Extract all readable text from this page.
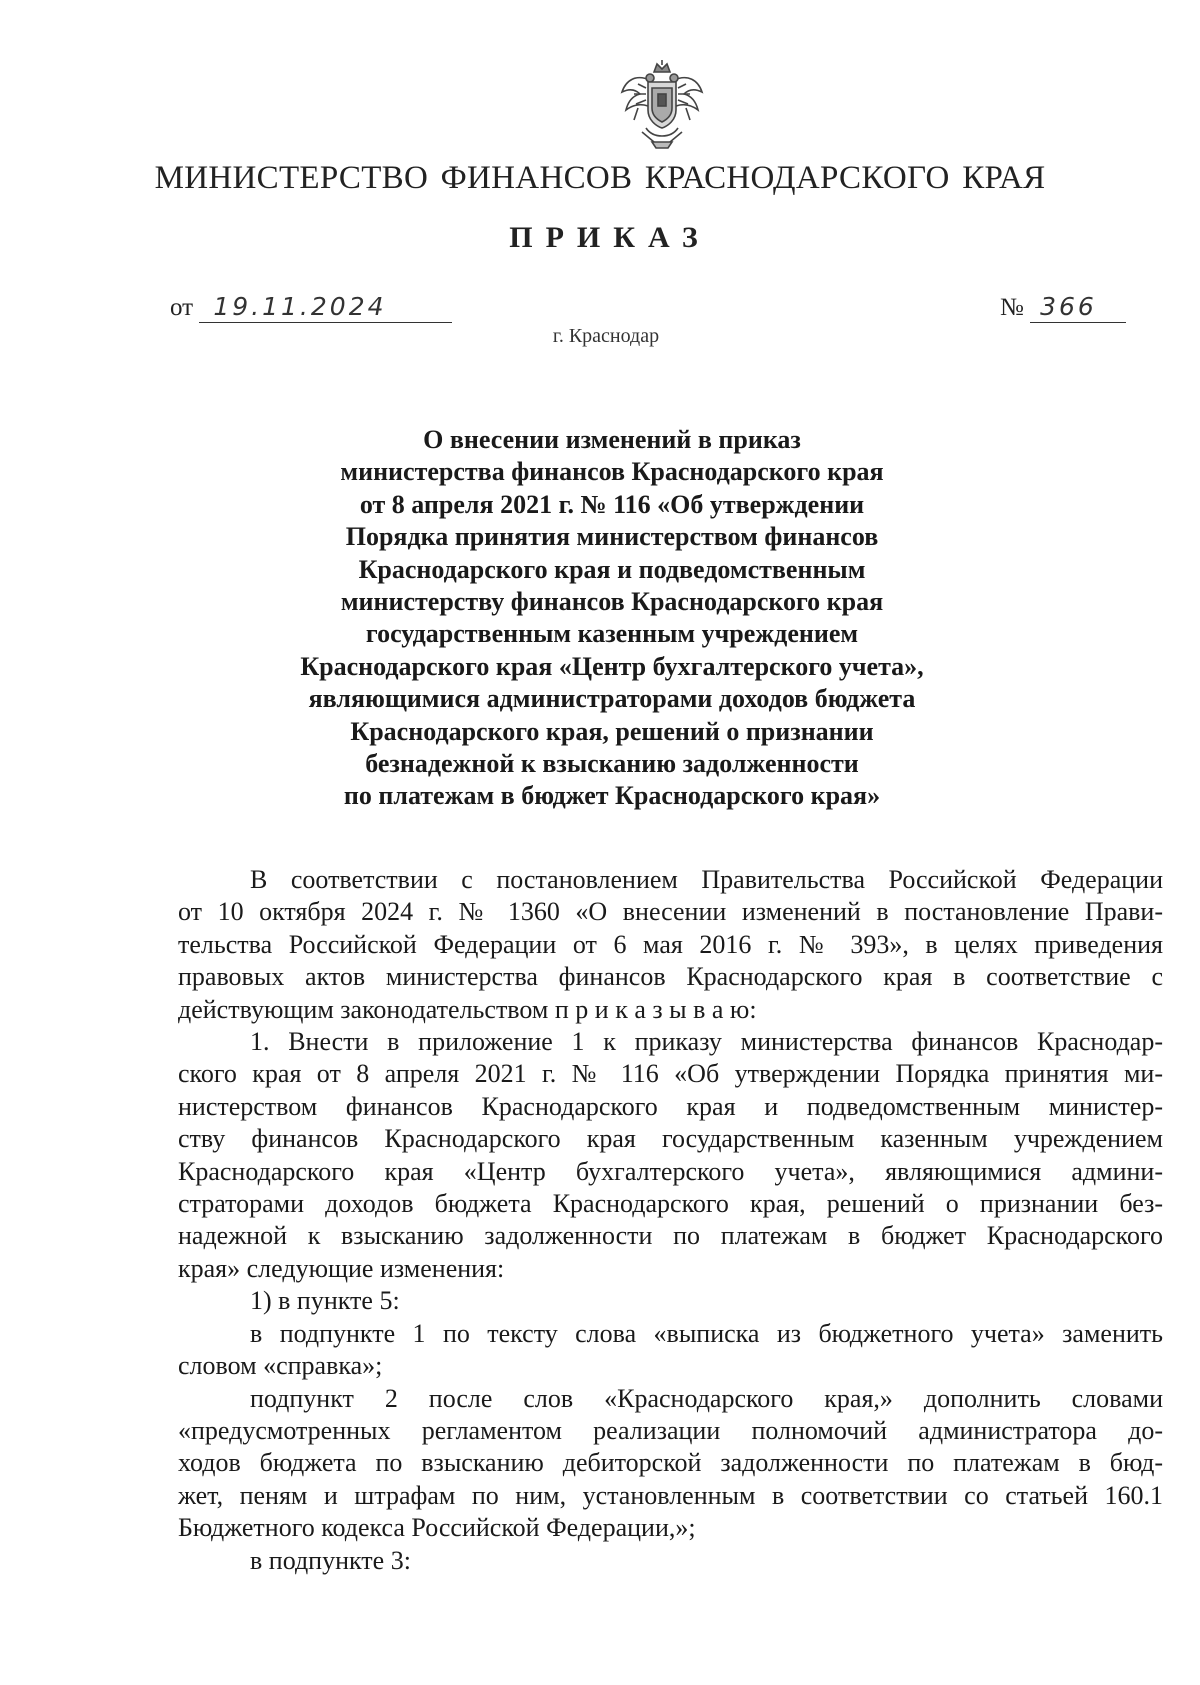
МИНИСТЕРСТВО ФИНАНСОВ КРАСНОДАРСКОГО КРАЯ
ПРИКАЗ
от 19.11.2024	№ 366
г. Краснодар
О внесении изменений в приказ
министерства финансов Краснодарского края
от 8 апреля 2021 г. № 116 «Об утверждении
Порядка принятия министерством финансов
Краснодарского края и подведомственным
министерству финансов Краснодарского края
государственным казенным учреждением
Краснодарского края «Центр бухгалтерского учета»,
являющимися администраторами доходов бюджета
Краснодарского края, решений о признании
безнадежной к взысканию задолженности
по платежам в бюджет Краснодарского края»
В соответствии с постановлением Правительства Российской Федерации
от 10 октября 2024 г. № 1360 «О внесении изменений в постановление Прави-
тельства Российской Федерации от 6 мая 2016 г. № 393», в целях приведения
правовых актов министерства финансов Краснодарского края в соответствие с
действующим законодательством п р и к а з ы в а ю:
1. Внести в приложение 1 к приказу министерства финансов Краснодар-
ского края от 8 апреля 2021 г. № 116 «Об утверждении Порядка принятия ми-
нистерством финансов Краснодарского края и подведомственным министер-
ству финансов Краснодарского края государственным казенным учреждением
Краснодарского края «Центр бухгалтерского учета», являющимися админи-
страторами доходов бюджета Краснодарского края, решений о признании без-
надежной к взысканию задолженности по платежам в бюджет Краснодарского
края» следующие изменения:
1) в пункте 5:
в подпункте 1 по тексту слова «выписка из бюджетного учета» заменить
словом «справка»;
подпункт 2 после слов «Краснодарского края,» дополнить словами
«предусмотренных регламентом реализации полномочий администратора до-
ходов бюджета по взысканию дебиторской задолженности по платежам в бюд-
жет, пеням и штрафам по ним, установленным в соответствии со статьей 160.1
Бюджетного кодекса Российской Федерации,»;
в подпункте 3:
